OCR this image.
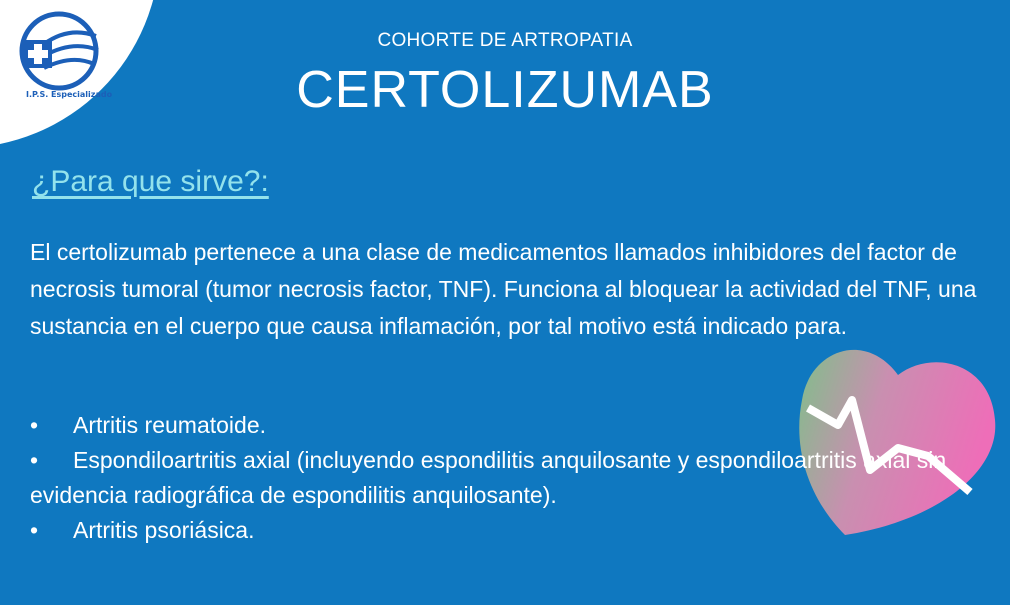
I.P.S. Especializado
COHORTE DE ARTROPATIA
CERTOLIZUMAB
¿Para que sirve?:

El certolizumab pertenece a una clase de medicamentos llamados inhibidores del factor de necrosis tumoral (tumor necrosis factor, TNF). Funciona al bloquear la actividad del TNF, una sustancia en el cuerpo que causa inflamación, por tal motivo está indicado para.

• Artritis reumatoide.
• Espondiloartritis axial (incluyendo espondilitis anquilosante y espondiloartritis axial sin evidencia radiográfica de espondilitis anquilosante).
• Artritis psoriásica.
